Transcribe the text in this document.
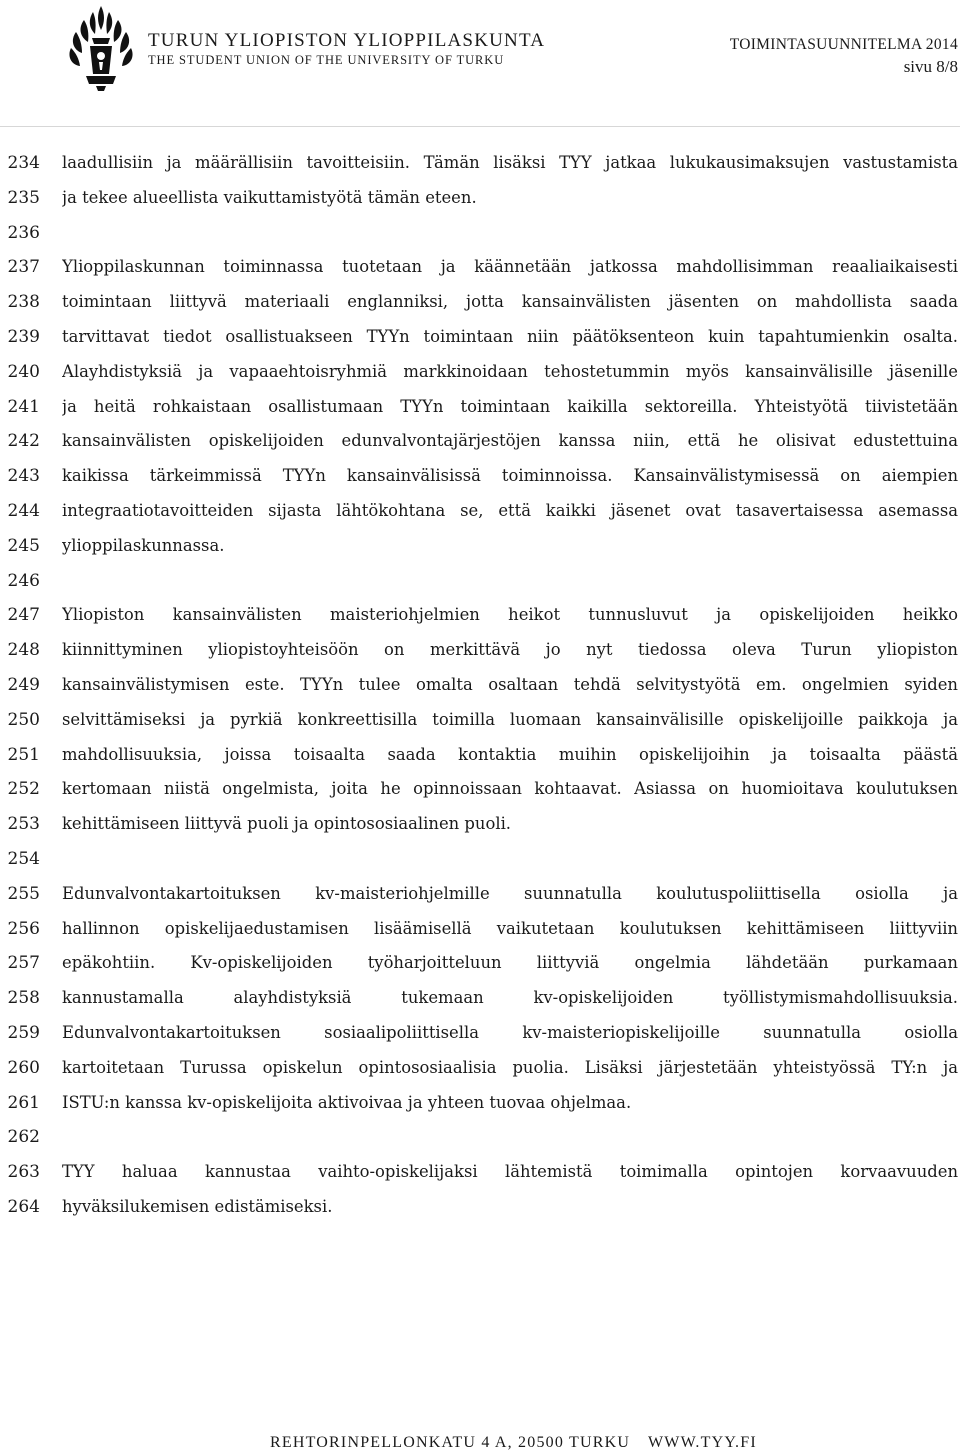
TURUN YLIOPISTON YLIOPPILASKUNTA
THE STUDENT UNION OF THE UNIVERSITY OF TURKU
TOIMINTASUUNNITELMA 2014
sivu 8/8
234
235
236
237
238
239
240
241
242
243
244
245
246
247
248
249
250
251
252
253
254
255
256
257
258
259
260
261
262
263
264
laadullisiin ja määrällisiin tavoitteisiin. Tämän lisäksi TYY jatkaa lukukausimaksujen vastustamista
ja tekee alueellista vaikuttamistyötä tämän eteen.
Ylioppilaskunnan toiminnassa tuotetaan ja käännetään jatkossa mahdollisimman reaaliaikaisesti
toimintaan liittyvä materiaali englanniksi, jotta kansainvälisten jäsenten on mahdollista saada
tarvittavat tiedot osallistuakseen TYYn toimintaan niin päätöksenteon kuin tapahtumienkin osalta.
Alayhdistyksiä ja vapaaehtoisryhmiä markkinoidaan tehostetummin myös kansainvälisille jäsenille
ja heitä rohkaistaan osallistumaan TYYn toimintaan kaikilla sektoreilla. Yhteistyötä tiivistetään
kansainvälisten opiskelijoiden edunvalvontajärjestöjen kanssa niin, että he olisivat edustettuina
kaikissa tärkeimmissä TYYn kansainvälisissä toiminnoissa. Kansainvälistymisessä on aiempien
integraatiotavoitteiden sijasta lähtökohtana se, että kaikki jäsenet ovat tasavertaisessa asemassa
ylioppilaskunnassa.
Yliopiston kansainvälisten maisteriohjelmien heikot tunnusluvut ja opiskelijoiden heikko
kiinnittyminen yliopistoyhteisöön on merkittävä jo nyt tiedossa oleva Turun yliopiston
kansainvälistymisen este. TYYn tulee omalta osaltaan tehdä selvitystyötä em. ongelmien syiden
selvittämiseksi ja pyrkiä konkreettisilla toimilla luomaan kansainvälisille opiskelijoille paikkoja ja
mahdollisuuksia, joissa toisaalta saada kontaktia muihin opiskelijoihin ja toisaalta päästä
kertomaan niistä ongelmista, joita he opinnoissaan kohtaavat. Asiassa on huomioitava koulutuksen
kehittämiseen liittyvä puoli ja opintososiaalinen puoli.
Edunvalvontakartoituksen kv-maisteriohjelmille suunnatulla koulutuspoliittisella osiolla ja
hallinnon opiskelijaedustamisen lisäämisellä vaikutetaan koulutuksen kehittämiseen liittyviin
epäkohtiin. Kv-opiskelijoiden työharjoitteluun liittyviä ongelmia lähdetään purkamaan
kannustamalla alayhdistyksiä tukemaan kv-opiskelijoiden työllistymismahdollisuuksia.
Edunvalvontakartoituksen sosiaalipoliittisella kv-maisteriopiskelijoille suunnatulla osiolla
kartoitetaan Turussa opiskelun opintososiaalisia puolia. Lisäksi järjestetään yhteistyössä TY:n ja
ISTU:n kanssa kv-opiskelijoita aktivoivaa ja yhteen tuovaa ohjelmaa.
TYY haluaa kannustaa vaihto-opiskelijaksi lähtemistä toimimalla opintojen korvaavuuden
hyväksilukemisen edistämiseksi.
REHTORINPELLONKATU 4 A, 20500 TURKU WWW.TYY.FI
